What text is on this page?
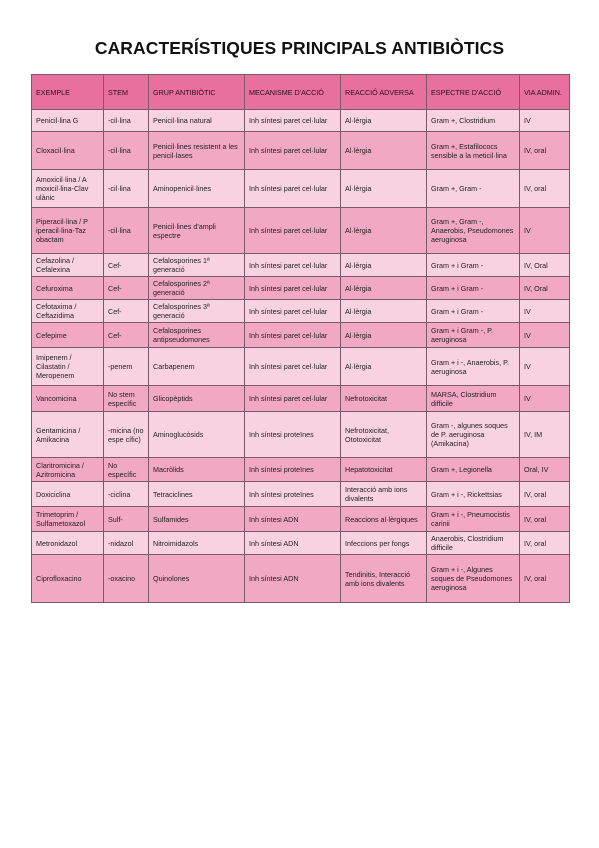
CARACTERÍSTIQUES PRINCIPALS ANTIBIÒTICS
EXEMPLE	STEM	GRUP ANTIBIÒTIC	MECANISME D'ACCIÓ	REACCIÓ ADVERSA	ESPECTRE D'ACCIÓ	VIA ADMIN.
Penicil·lina G	-cil·lina	Penicil·lina natural	Inh síntesi paret cel·lular	Al·lèrgia	Gram +, Clostridium	IV
Cloxacil·lina	-cil·lina	Penicil·lines resistent a les penicil·lases	Inh síntesi paret cel·lular	Al·lèrgia	Gram +, Estafilococs sensible a la meticil·lina	IV, oral
Amoxicil·lina / A moxicil·lina-Clav ulànic	-cil·lina	Aminopenicil·lines	Inh síntesi paret cel·lular	Al·lèrgia	Gram +, Gram -	IV, oral
Piperacil·lina / P iperacil·lina-Taz obactam	-cil·lina	Penicil·lines d'ampli espectre	Inh síntesi paret cel·lular	Al·lèrgia	Gram +, Gram -, Anaerobis, Pseudomones aeruginosa	IV
Cefazolina / Cefalexina	Cef-	Cefalosporines 1ª generació	Inh síntesi paret cel·lular	Al·lèrgia	Gram + i Gram -	IV, Oral
Cefuroxima	Cef-	Cefalosporines 2ª generació	Inh síntesi paret cel·lular	Al·lèrgia	Gram + i Gram -	IV, Oral
Cefotaxima / Ceftazidima	Cef-	Cefalosporines 3ª generació	Inh síntesi paret cel·lular	Al·lèrgia	Gram + i Gram -	IV
Cefepime	Cef-	Cefalosporines antipseudomones	Inh síntesi paret cel·lular	Al·lèrgia	Gram + i Gram -, P. aeruginosa	IV
Imipenem / Cilastatin / Meropenem	-penem	Carbapenem	Inh síntesi paret cel·lular	Al·lèrgia	Gram + i -, Anaerobis, P. aeruginosa	IV
Vancomicina	No stem específic	Glicopèptids	Inh síntesi paret cel·lular	Nefrotoxicitat	MARSA, Clostridium difficile	IV
Gentamicina / Amikacina	-micina (no espe cífic)	Aminoglucòsids	Inh síntesi proteïnes	Nefrotoxicitat, Ototoxicitat	Gram -, algunes soques de P. aeruginosa (Amikacina)	IV, IM
Claritromicina / Azitromicina	No específic	Macròlids	Inh síntesi proteïnes	Hepatotoxicitat	Gram +, Legionella	Oral, IV
Doxiciclina	-ciclina	Tetraciclines	Inh síntesi proteïnes	Interacció amb ions divalents	Gram + i -, Rickettsias	IV, oral
Trimetoprim / Sulfametoxazol	Sulf-	Sulfamides	Inh síntesi ADN	Reaccions al·lèrgiques	Gram + i -, Pneumocistis carinii	IV, oral
Metronidazol	-nidazol	Nitroimidazols	Inh síntesi ADN	Infeccions per fongs	Anaerobis, Clostridium difficile	IV, oral
Ciprofloxacino	-oxacino	Quinolones	Inh síntesi ADN	Tendinitis, Interacció amb ions divalents	Gram + i -, Algunes soques de Pseudomones aeruginosa	IV, oral
